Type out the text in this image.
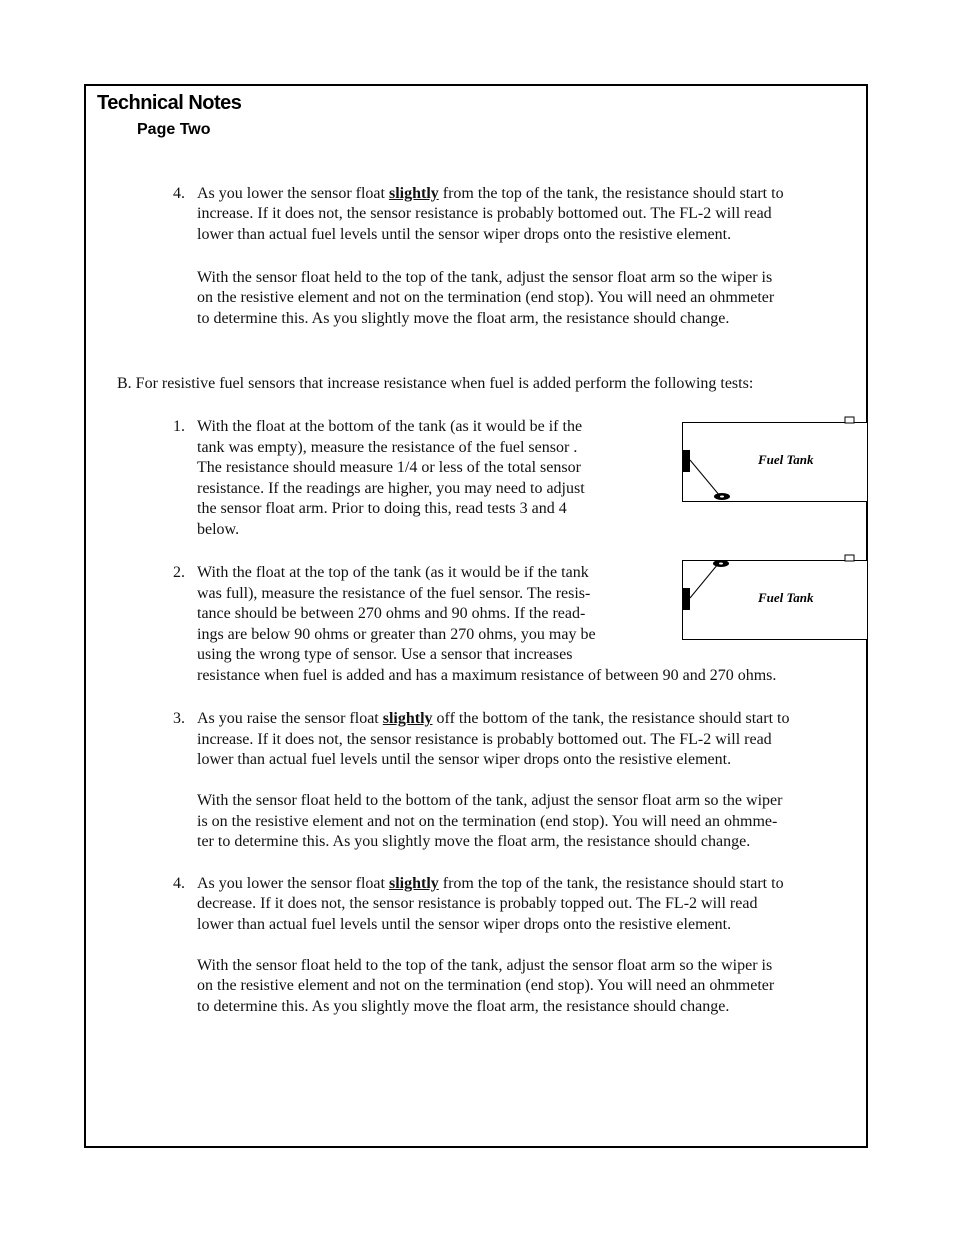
Technical Notes
Page Two
4. As you lower the sensor float slightly from the top of the tank, the resistance should start to

increase. If it does not, the sensor resistance is probably bottomed out. The FL-2 will read

lower than actual fuel levels until the sensor wiper drops onto the resistive element.

With the sensor float held to the top of the tank, adjust the sensor float arm so the wiper is

on the resistive element and not on the termination (end stop). You will need an ohmmeter

to determine this. As you slightly move the float arm, the resistance should change.

B. For resistive fuel sensors that increase resistance when fuel is added perform the following tests:

1. With the float at the bottom of the tank (as it would be if the

tank was empty), measure the resistance of the fuel sensor .

The resistance should measure 1/4 or less of the total sensor

resistance. If the readings are higher, you may need to adjust

the sensor float arm. Prior to doing this, read tests 3 and 4

below.

Fuel Tank
2. With the float at the top of the tank (as it would be if the tank

was full), measure the resistance of the fuel sensor. The resis-

tance should be between 270 ohms and 90 ohms. If the read-

ings are below 90 ohms or greater than 270 ohms, you may be

using the wrong type of sensor. Use a sensor that increases

resistance when fuel is added and has a maximum resistance of between 90 and 270 ohms.

Fuel Tank
3. As you raise the sensor float slightly off the bottom of the tank, the resistance should start to

increase. If it does not, the sensor resistance is probably bottomed out. The FL-2 will read

lower than actual fuel levels until the sensor wiper drops onto the resistive element.

With the sensor float held to the bottom of the tank, adjust the sensor float arm so the wiper

is on the resistive element and not on the termination (end stop). You will need an ohmme-

ter to determine this. As you slightly move the float arm, the resistance should change.

4. As you lower the sensor float slightly from the top of the tank, the resistance should start to

decrease. If it does not, the sensor resistance is probably topped out. The FL-2 will read

lower than actual fuel levels until the sensor wiper drops onto the resistive element.

With the sensor float held to the top of the tank, adjust the sensor float arm so the wiper is

on the resistive element and not on the termination (end stop). You will need an ohmmeter

to determine this. As you slightly move the float arm, the resistance should change.
